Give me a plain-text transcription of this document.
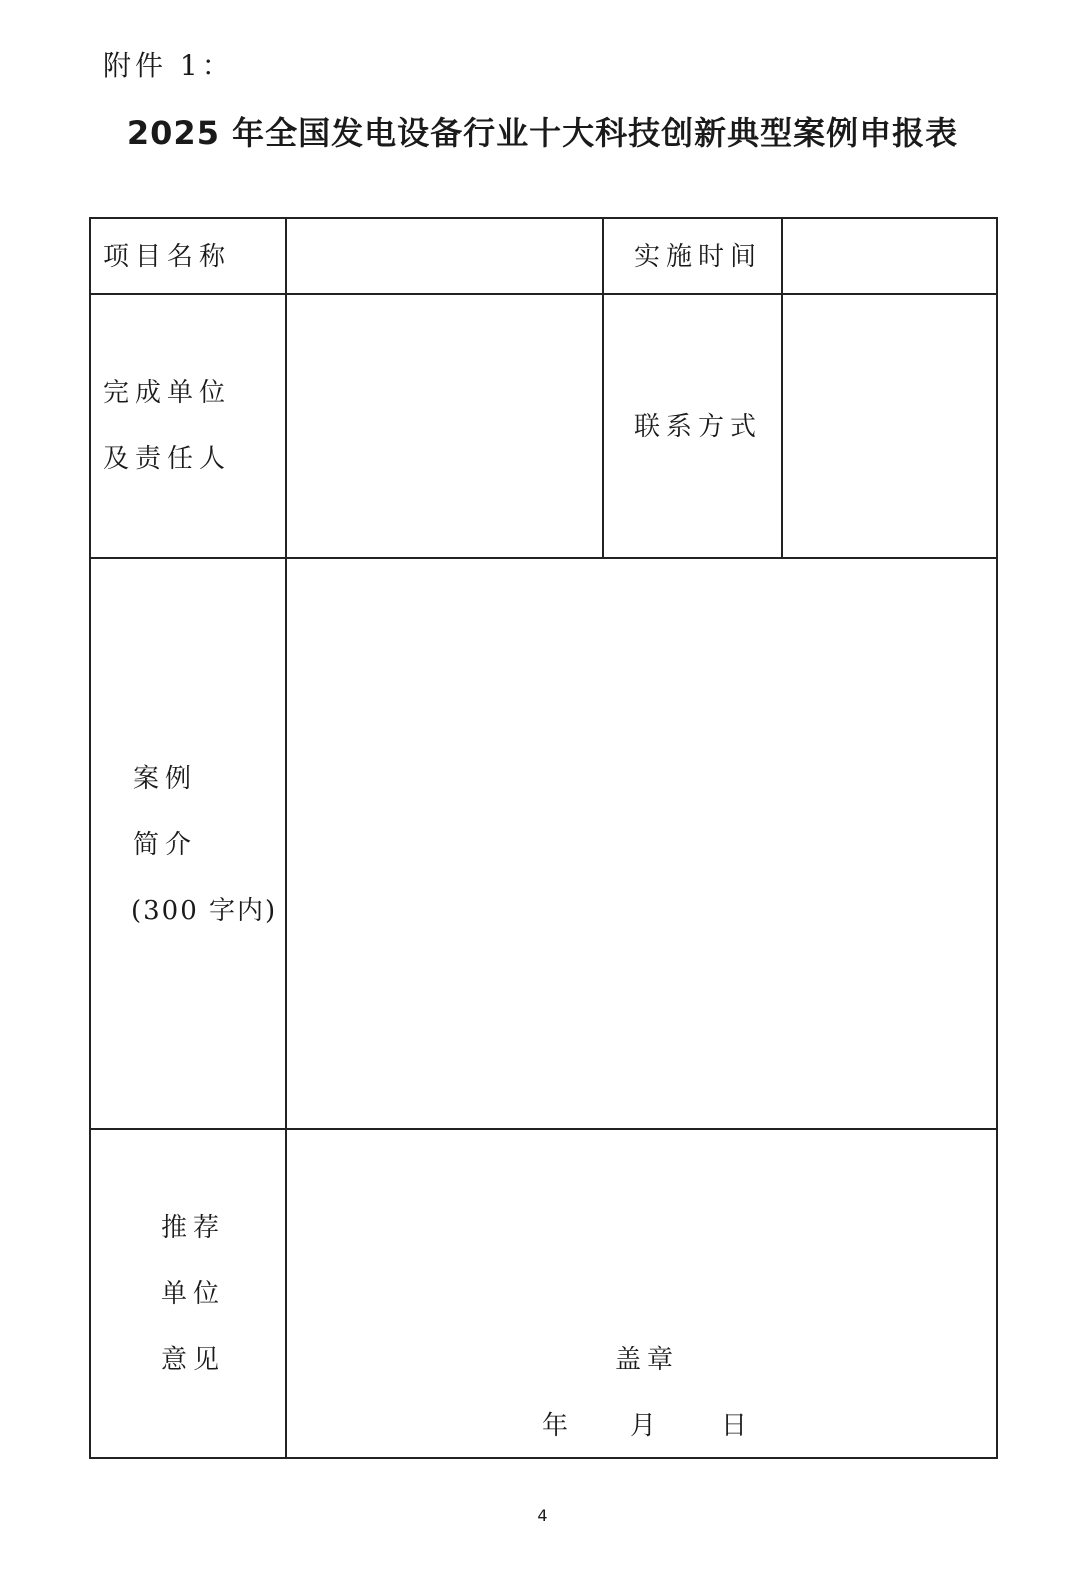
附件 1：
2025 年全国发电设备行业十大科技创新典型案例申报表
项目名称	实施时间
完成单位
及责任人
联系方式
案例
简介
(300 字内)
推荐
单位
意见	盖章
年 月 日
4
